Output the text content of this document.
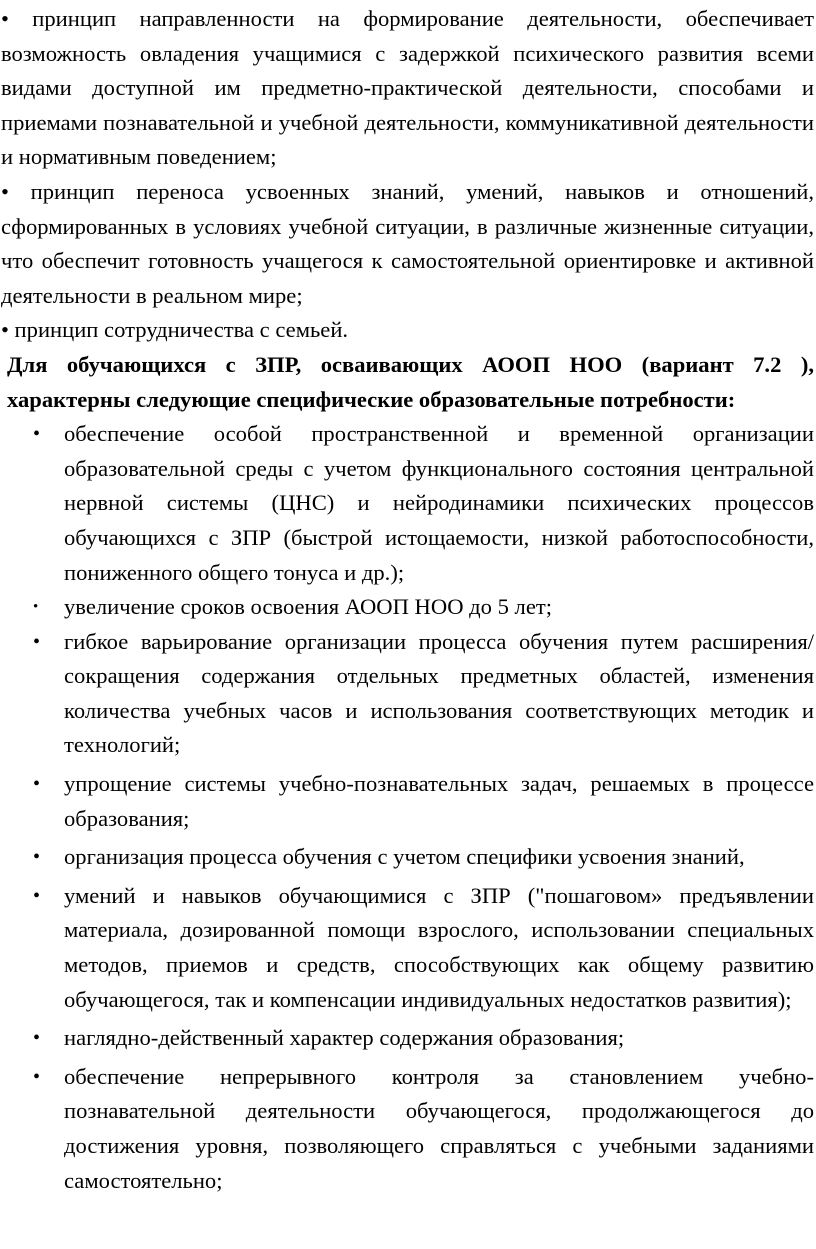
• принцип направленности на формирование деятельности, обеспечивает возможность овладения учащимися с задержкой психического развития всеми видами доступной им предметно-практической деятельности, способами и приемами познавательной и учебной деятельности, коммуникативной деятельности и нормативным поведением;

• принцип переноса усвоенных знаний, умений, навыков и отношений, сформированных в условиях учебной ситуации, в различные жизненные ситуации, что обеспечит готовность учащегося к самостоятельной ориентировке и активной деятельности в реальном мире;

• принцип сотрудничества с семьей.

Для обучающихся с ЗПР, осваивающих АООП НОО (вариант 7.2 ), характерны следующие специфические образовательные потребности:

• обеспечение особой пространственной и временной организации образовательной среды с учетом функционального состояния центральной нервной системы (ЦНС) и нейродинамики психических процессов обучающихся с ЗПР (быстрой истощаемости, низкой работоспособности, пониженного общего тонуса и др.);
• увеличение сроков освоения АООП НОО до 5 лет;
• гибкое варьирование организации процесса обучения путем расширения/сокращения содержания отдельных предметных областей, изменения количества учебных часов и использования соответствующих методик и технологий;
• упрощение системы учебно-познавательных задач, решаемых в процессе образования;
• организация процесса обучения с учетом специфики усвоения знаний,
• умений и навыков обучающимися с ЗПР ("пошаговом» предъявлении материала, дозированной помощи взрослого, использовании специальных методов, приемов и средств, способствующих как общему развитию обучающегося, так и компенсации индивидуальных недостатков развития);
• наглядно-действенный характер содержания образования;
• обеспечение непрерывного контроля за становлением учебно-познавательной деятельности обучающегося, продолжающегося до достижения уровня, позволяющего справляться с учебными заданиями самостоятельно;
